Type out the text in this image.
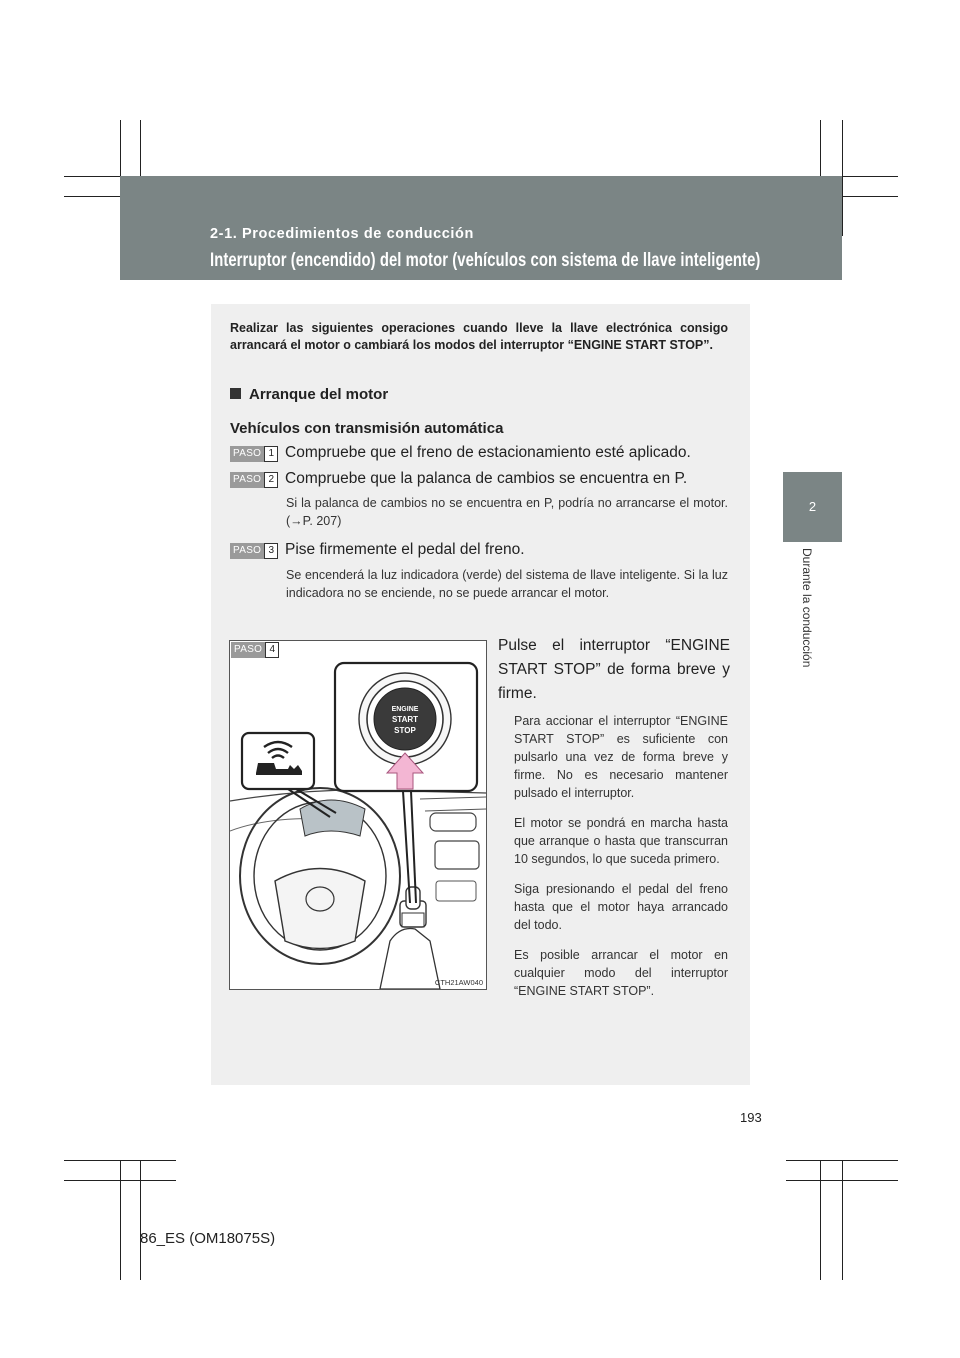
2-1. Procedimientos de conducción
Interruptor (encendido) del motor (vehículos con sistema de llave inteligente)
2
Durante la conducción
Realizar las siguientes operaciones cuando lleve la llave electrónica consigo arrancará el motor o cambiará los modos del interruptor “ENGINE START STOP”.
Arranque del motor
Vehículos con transmisión automática
PASO 1 Compruebe que el freno de estacionamiento esté aplicado.
PASO 2 Compruebe que la palanca de cambios se encuentra en P.
Si la palanca de cambios no se encuentra en P, podría no arrancarse el motor. (→P. 207)
PASO 3 Pise firmemente el pedal del freno.
Se encenderá la luz indicadora (verde) del sistema de llave inteligente. Si la luz indicadora no se enciende, no se puede arrancar el motor.
ENGINE
START
STOP
CTH21AW040
PASO 4	Pulse el interruptor “ENGINE START STOP” de forma breve y firme.

Para accionar el interruptor “ENGINE START STOP” es suficiente con pulsarlo una vez de forma breve y firme. No es necesario mantener pulsado el interruptor.

El motor se pondrá en marcha hasta que arranque o hasta que transcurran 10 segundos, lo que suceda primero.

Siga presionando el pedal del freno hasta que el motor haya arrancado del todo.

Es posible arrancar el motor en cualquier modo del interruptor “ENGINE START STOP”.

193
86_ES (OM18075S)
